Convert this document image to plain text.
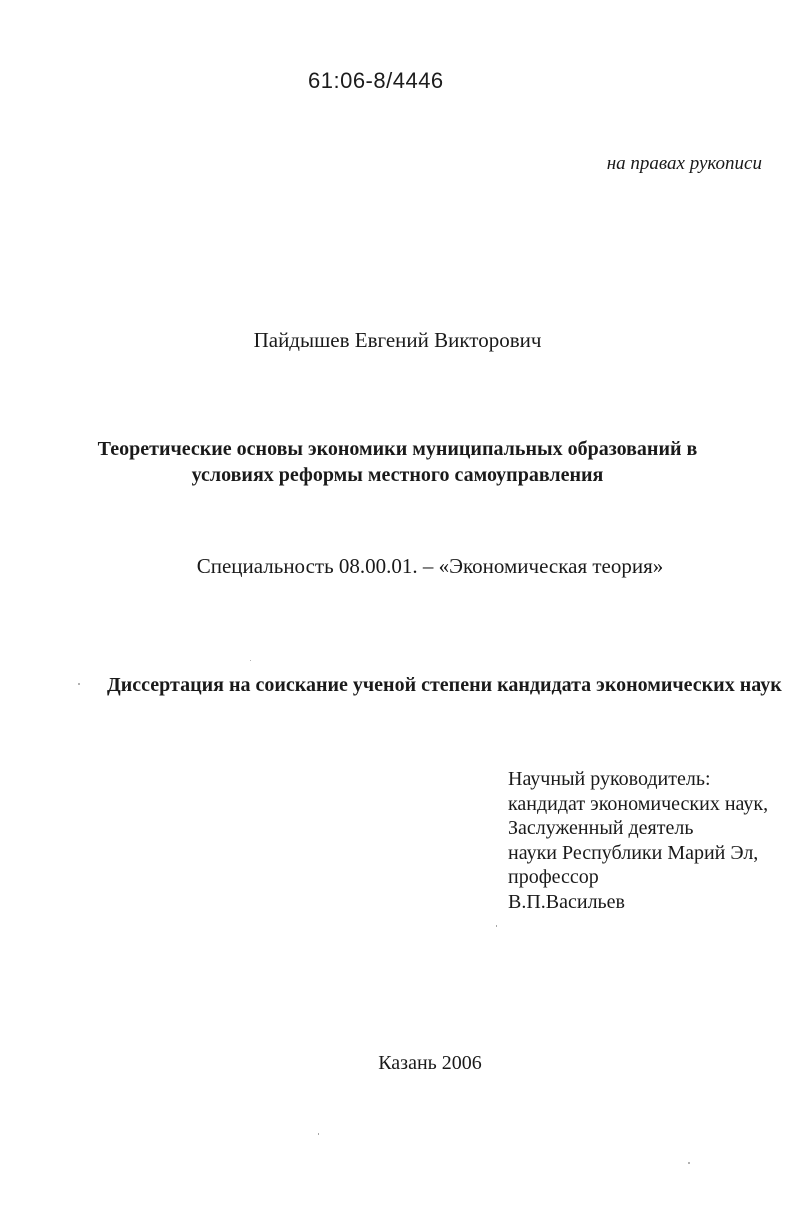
61:06-8/4446
на правах рукописи
Пайдышев Евгений Викторович
Теоретические основы экономики муниципальных образований в
условиях реформы местного самоуправления
Специальность 08.00.01. – «Экономическая теория»
Диссертация на соискание ученой степени кандидата экономических наук
Научный руководитель:
кандидат экономических наук,
Заслуженный деятель
науки Республики Марий Эл,
профессор
В.П.Васильев
Казань 2006
